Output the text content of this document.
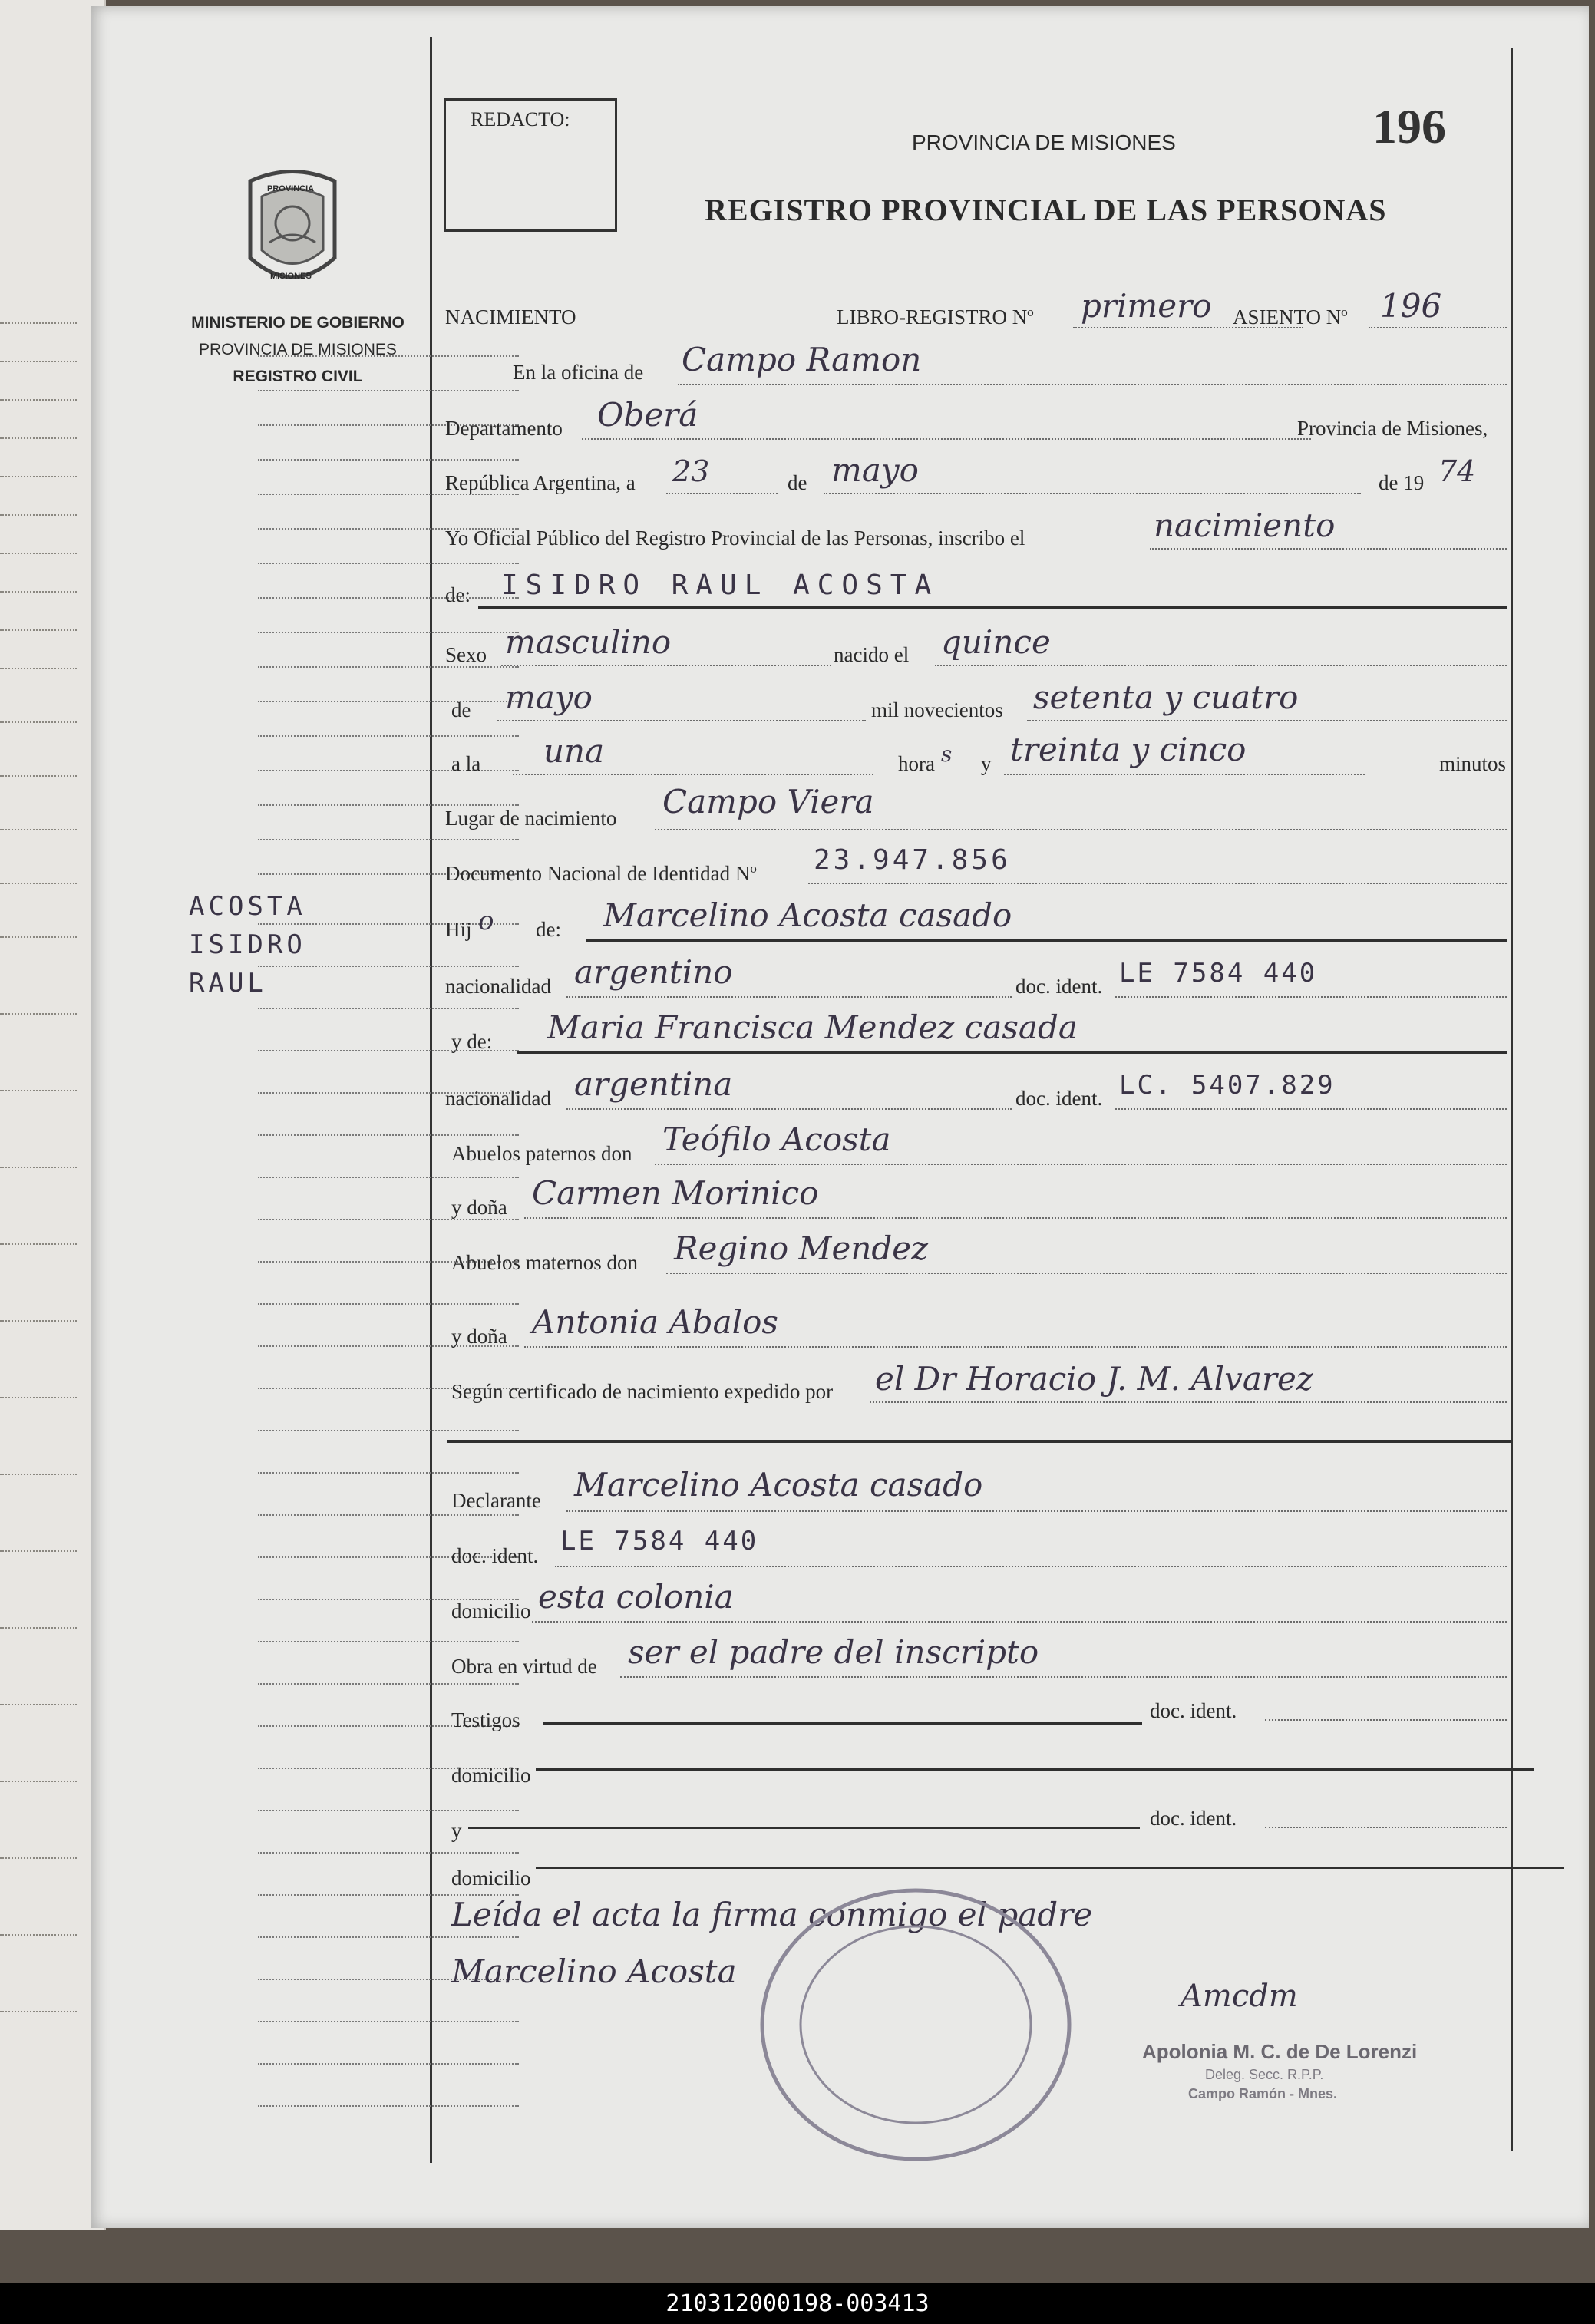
PROVINCIA
MISIONES
MINISTERIO DE GOBIERNO
PROVINCIA DE MISIONES
REGISTRO CIVIL
ACOSTA
ISIDRO
RAUL
REDACTO:	196
PROVINCIA DE MISIONES
REGISTRO PROVINCIAL DE LAS PERSONAS
NACIMIENTO	LIBRO-REGISTRO Nº primero ASIENTO Nº 196
En la oficina de Campo Ramon
Departamento Oberá	Provincia de Misiones,
República Argentina, a 23	de mayo	de 19 74
Yo Oficial Público del Registro Provincial de las Personas, inscribo el	nacimiento
de: ISIDRO RAUL ACOSTA
Sexo masculino	nacido el quince
de mayo	mil novecientos setenta y cuatro
a la una	hora s y treinta y cinco	minutos
Lugar de nacimiento Campo Viera
Documento Nacional de Identidad Nº 23.947.856
Hij o de: Marcelino Acosta casado
nacionalidad argentino	doc. ident. LE 7584 440
y de: Maria Francisca Mendez casada
nacionalidad argentina	doc. ident. LC. 5407.829
Abuelos paternos don Teófilo Acosta
y doña Carmen Morinico
Abuelos maternos don Regino Mendez
y doña Antonia Abalos
Según certificado de nacimiento expedido por el Dr Horacio J. M. Alvarez
Declarante Marcelino Acosta casado
doc. ident. LE 7584 440
domicilio esta colonia
Obra en virtud de ser el padre del inscripto
Testigos	doc. ident.
domicilio
y
doc. ident.
domicilio
Leída el acta la firma conmigo el padre
Marcelino Acosta
Amcdm
Apolonia M. C. de De Lorenzi
Deleg. Secc. R.P.P.
Campo Ramón - Mnes.
210312000198-003413
